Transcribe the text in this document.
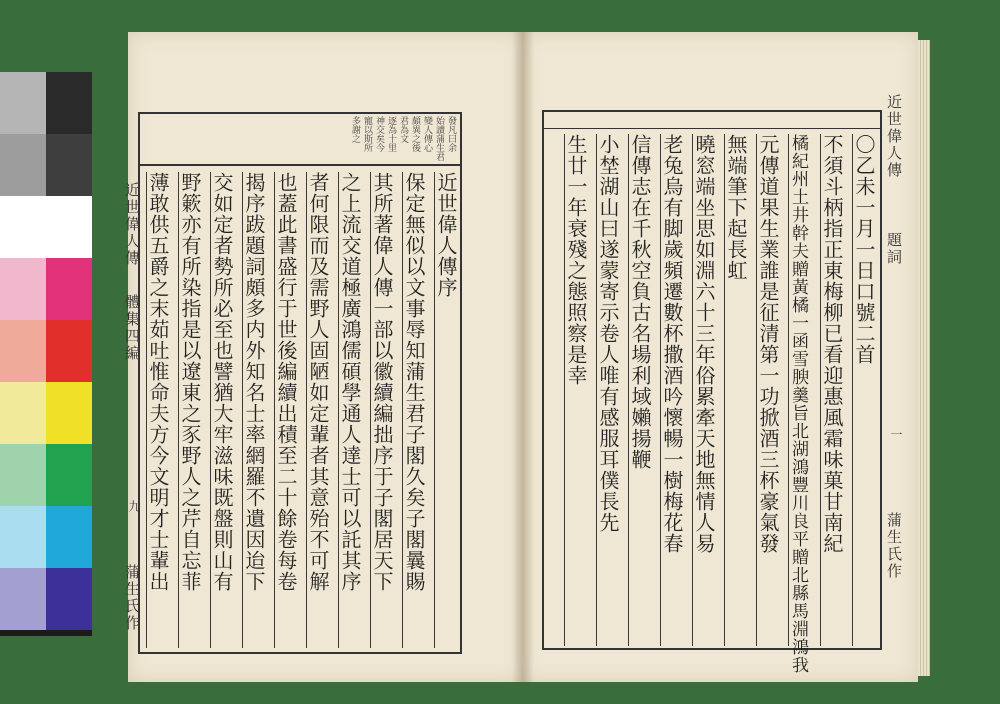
近世偉人傳
體集四編
九
蒲生氏作
發凡曰余
始讀蒲生君
變人傳心
頗異之後
君為文
逐為十里
神交矣今
寵以斯所
多謝之
近世偉人傳序
保定無似以文事辱知蒲生君子閣久矣子閣曩賜
其所著偉人傳一部以徽續編拙序于子閣居天下
之上流交道極廣鴻儒碩學通人達士可以託其序
者何限而及需野人固陋如定輩者其意殆不可解
也蓋此書盛行于世後編續出積至二十餘卷每卷
揭序跋題詞頗多内外知名士率網羅不遺因迨下
交如定者勢所必至也譬猶大牢滋味既盤則山有
野簌亦有所染指是以遼東之豕野人之芹自忘菲
薄敢供五爵之末茹吐惟命夫方今文明才士輩出
近世偉人傳
題詞
一
蒲生氏作
〇乙未一月一日口號二首
不須斗柄指正東梅柳已看迎惠風霜味菓甘南紀
橘紀州土井幹夫贈黃橘一函雪腴羹旨北湖鴻豐川良平贈北縣馬淵鴻我
元傳道果生業誰是征清第一功掀酒三杯豪氣發
無端筆下起長虹
曉窓端坐思如淵六十三年俗累牽天地無情人易
老兔烏有脚歲頻遷數杯撒酒吟懷暢一樹梅花春
信傳志在千秋空負古名場利域嬾揚鞭
小埜湖山曰遂蒙寄示卷人唯有感服耳僕長先
生廿一年衰殘之態照察是幸
